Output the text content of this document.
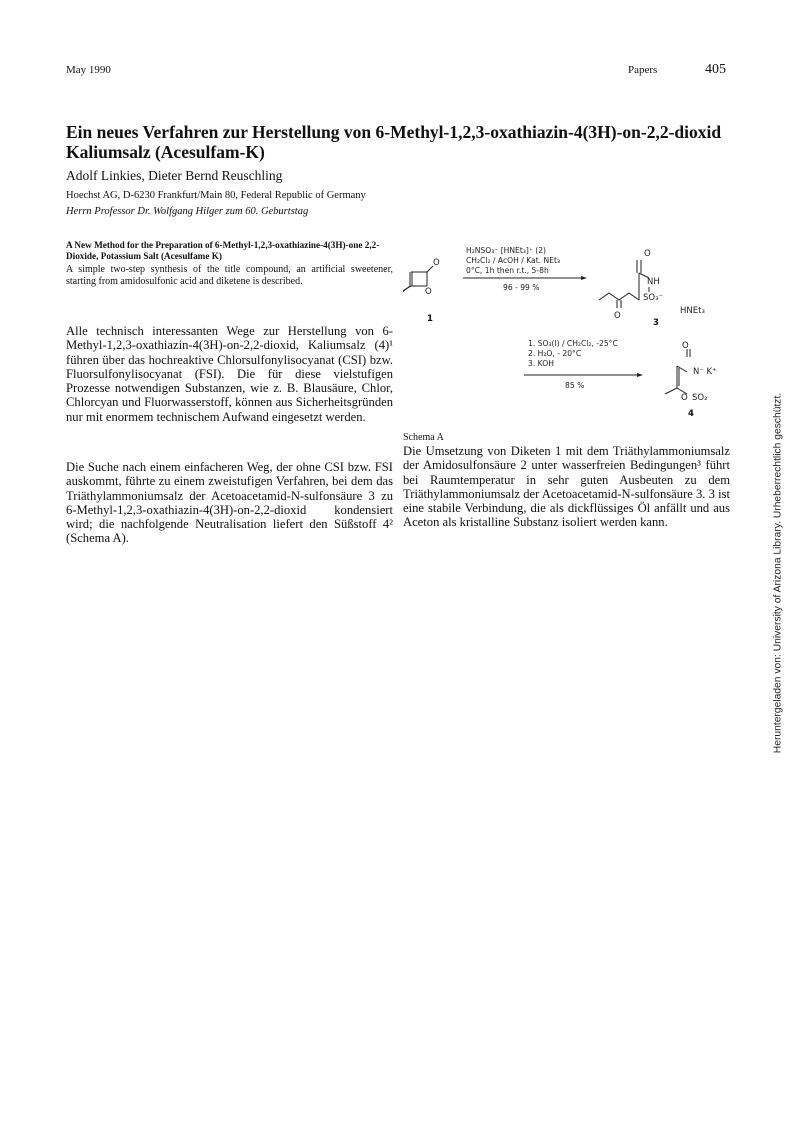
May 1990	Papers	405
Ein neues Verfahren zur Herstellung von 6-Methyl-1,2,3-oxathiazin-4(3H)-on-2,2-dioxid Kaliumsalz (Acesulfam-K)
Adolf Linkies, Dieter Bernd Reuschling
Hoechst AG, D-6230 Frankfurt/Main 80, Federal Republic of Germany
Herrn Professor Dr. Wolfgang Hilger zum 60. Geburtstag
A New Method for the Preparation of 6-Methyl-1,2,3-oxathiazine-4(3H)-one 2,2-Dioxide, Potassium Salt (Acesulfame K)
A simple two-step synthesis of the title compound, an artificial sweetener, starting from amidosulfonic acid and diketene is described.

Alle technisch interessanten Wege zur Herstellung von 6-Methyl-1,2,3-oxathiazin-4(3H)-on-2,2-dioxid, Kaliumsalz (4)¹ führen über das hochreaktive Chlorsulfonylisocyanat (CSI) bzw. Fluorsulfonylisocyanat (FSI). Die für diese vielstufigen Prozesse notwendigen Substanzen, wie z. B. Blausäure, Chlor, Chlorcyan und Fluorwasserstoff, können aus Sicherheitsgründen nur mit enormem technischem Aufwand eingesetzt werden.

Die Suche nach einem einfacheren Weg, der ohne CSI bzw. FSI auskommt, führte zu einem zweistufigen Verfahren, bei dem das Triäthylammoniumsalz der Acetoacetamid-N-sulfonsäure 3 zu 6-Methyl-1,2,3-oxathiazin-4(3H)-on-2,2-dioxid kondensiert wird; die nachfolgende Neutralisation liefert den Süßstoff 4² (Schema A).

O
O
1
H₂NSO₃⁻ [HNEt₃]⁺ (2)
CH₂Cl₂ / AcOH / Kat. NEt₃
0°C, 1h then r.t., 5-8h
96 - 99 %
O
NH
O
SO₃⁻
HNEt₃
3
1. SO₃(l) / CH₂Cl₂, -25°C
2. H₂O, - 20°C
3. KOH
85 %
O
N⁻ K⁺
O SO₂
4
Schema A

Die Umsetzung von Diketen 1 mit dem Triäthylammoniumsalz der Amidosulfonsäure 2 unter wasserfreien Bedingungen³ führt bei Raumtemperatur in sehr guten Ausbeuten zu dem Triäthylammoniumsalz der Acetoacetamid-N-sulfonsäure 3. 3 ist eine stabile Verbindung, die als dickflüssiges Öl anfällt und aus Aceton als kristalline Substanz isoliert werden kann.	Heruntergeladen von: University of Arizona Library. Urheberrechtlich geschützt.
